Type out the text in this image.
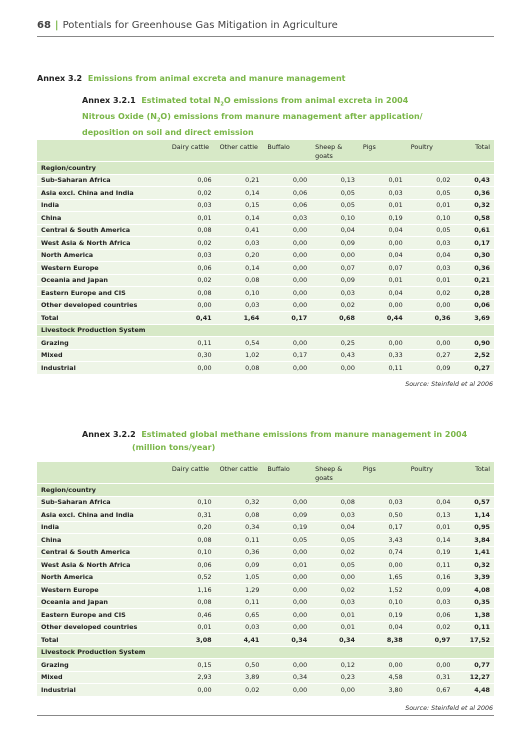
68 | Potentials for Greenhouse Gas Mitigation in Agriculture
Annex 3.2 Emissions from animal excreta and manure management
Annex 3.2.1 Estimated total $N_2O$ emissions from animal excreta in 2004
Nitrous Oxide $(N_2O)$ emissions from manure management after application/
deposition on soil and direct emission
	Dairy cattle	Other cattle	Buffalo	Sheep & goats	Pigs	Poultry	Total
Region/country							
Sub-Saharan Africa	0,06	0,21	0,00	0,13	0,01	0,02	0,43
Asia excl. China and India	0,02	0,14	0,06	0,05	0,03	0,05	0,36
India	0,03	0,15	0,06	0,05	0,01	0,01	0,32
China	0,01	0,14	0,03	0,10	0,19	0,10	0,58
Central & South America	0,08	0,41	0,00	0,04	0,04	0,05	0,61
West Asia & North Africa	0,02	0,03	0,00	0,09	0,00	0,03	0,17
North America	0,03	0,20	0,00	0,00	0,04	0,04	0,30
Western Europe	0,06	0,14	0,00	0,07	0,07	0,03	0,36
Oceania and Japan	0,02	0,08	0,00	0,09	0,01	0,01	0,21
Eastern Europe and CIS	0,08	0,10	0,00	0,03	0,04	0,02	0,28
Other developed countries	0,00	0,03	0,00	0,02	0,00	0,00	0,06
Total	0,41	1,64	0,17	0,68	0,44	0,36	3,69
Livestock Production System							
Grazing	0,11	0,54	0,00	0,25	0,00	0,00	0,90
Mixed	0,30	1,02	0,17	0,43	0,33	0,27	2,52
Industrial	0,00	0,08	0,00	0,00	0,11	0,09	0,27
Source: Steinfeld et al 2006
Annex 3.2.2 Estimated global methane emissions from manure management in 2004
(million tons/year)
	Dairy cattle	Other cattle	Buffalo	Sheep & goats	Pigs	Poultry	Total
Region/country							
Sub-Saharan Africa	0,10	0,32	0,00	0,08	0,03	0,04	0,57
Asia excl. China and India	0,31	0,08	0,09	0,03	0,50	0,13	1,14
India	0,20	0,34	0,19	0,04	0,17	0,01	0,95
China	0,08	0,11	0,05	0,05	3,43	0,14	3,84
Central & South America	0,10	0,36	0,00	0,02	0,74	0,19	1,41
West Asia & North Africa	0,06	0,09	0,01	0,05	0,00	0,11	0,32
North America	0,52	1,05	0,00	0,00	1,65	0,16	3,39
Western Europe	1,16	1,29	0,00	0,02	1,52	0,09	4,08
Oceania and Japan	0,08	0,11	0,00	0,03	0,10	0,03	0,35
Eastern Europe and CIS	0,46	0,65	0,00	0,01	0,19	0,06	1,38
Other developed countries	0,01	0,03	0,00	0,01	0,04	0,02	0,11
Total	3,08	4,41	0,34	0,34	8,38	0,97	17,52
Livestock Production System							
Grazing	0,15	0,50	0,00	0,12	0,00	0,00	0,77
Mixed	2,93	3,89	0,34	0,23	4,58	0,31	12,27
Industrial	0,00	0,02	0,00	0,00	3,80	0,67	4,48
Source: Steinfeld et al 2006
